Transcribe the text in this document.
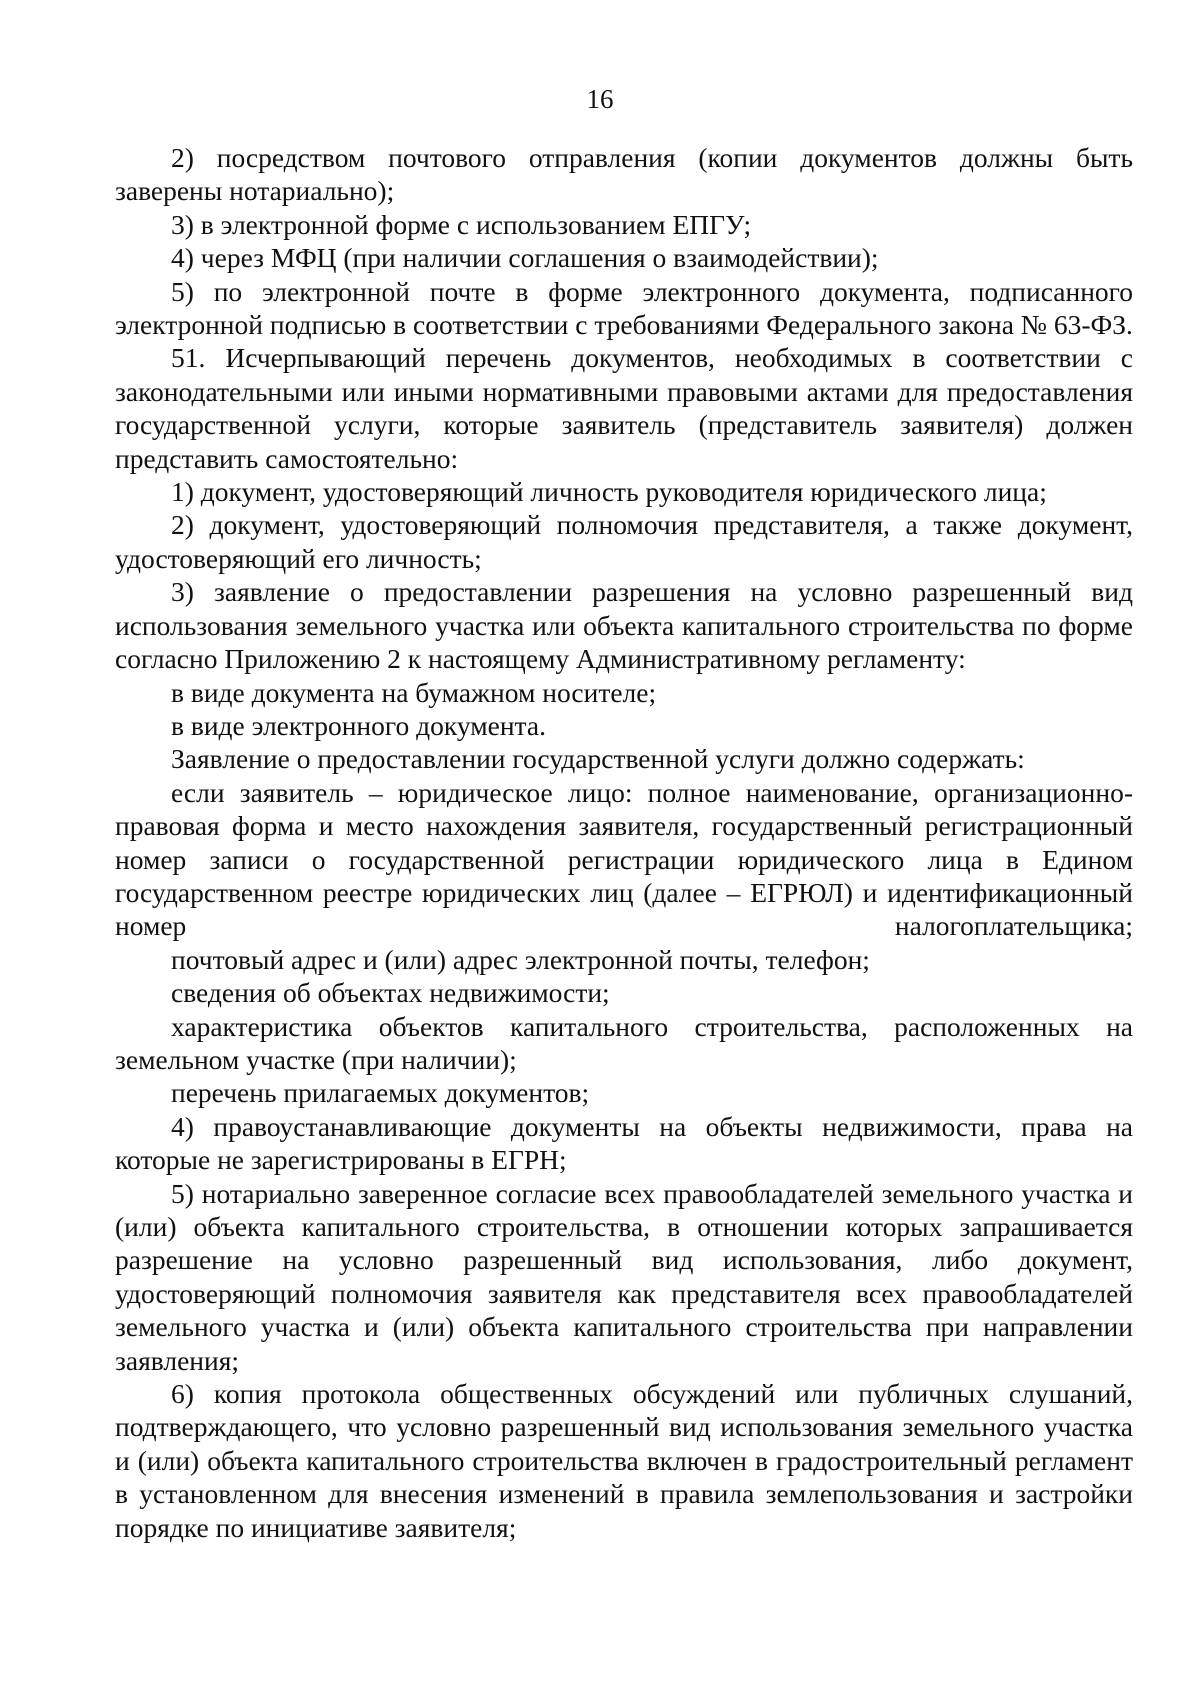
16

2) посредством почтового отправления (копии документов должны быть заверены нотариально);

3) в электронной форме с использованием ЕПГУ;

4) через МФЦ (при наличии соглашения о взаимодействии);

5) по электронной почте в форме электронного документа, подписанного электронной подписью в соответствии с требованиями Федерального закона № 63-ФЗ.

51. Исчерпывающий перечень документов, необходимых в соответствии с законодательными или иными нормативными правовыми актами для предоставления государственной услуги, которые заявитель (представитель заявителя) должен представить самостоятельно:

1) документ, удостоверяющий личность руководителя юридического лица;

2) документ, удостоверяющий полномочия представителя, а также документ, удостоверяющий его личность;

3) заявление о предоставлении разрешения на условно разрешенный вид использования земельного участка или объекта капитального строительства по форме согласно Приложению 2 к настоящему Административному регламенту:

в виде документа на бумажном носителе;

в виде электронного документа.

Заявление о предоставлении государственной услуги должно содержать:

если заявитель – юридическое лицо: полное наименование, организационно-правовая форма и место нахождения заявителя, государственный регистрационный номер записи о государственной регистрации юридического лица в Едином государственном реестре юридических лиц (далее – ЕГРЮЛ) и идентификационный номер налогоплательщика;

почтовый адрес и (или) адрес электронной почты, телефон;

сведения об объектах недвижимости;

характеристика объектов капитального строительства, расположенных на земельном участке (при наличии);

перечень прилагаемых документов;

4) правоустанавливающие документы на объекты недвижимости, права на которые не зарегистрированы в ЕГРН;

5) нотариально заверенное согласие всех правообладателей земельного участка и (или) объекта капитального строительства, в отношении которых запрашивается разрешение на условно разрешенный вид использования, либо документ, удостоверяющий полномочия заявителя как представителя всех правообладателей земельного участка и (или) объекта капитального строительства при направлении заявления;

6) копия протокола общественных обсуждений или публичных слушаний, подтверждающего, что условно разрешенный вид использования земельного участка и (или) объекта капитального строительства включен в градостроительный регламент в установленном для внесения изменений в правила землепользования и застройки порядке по инициативе заявителя;
